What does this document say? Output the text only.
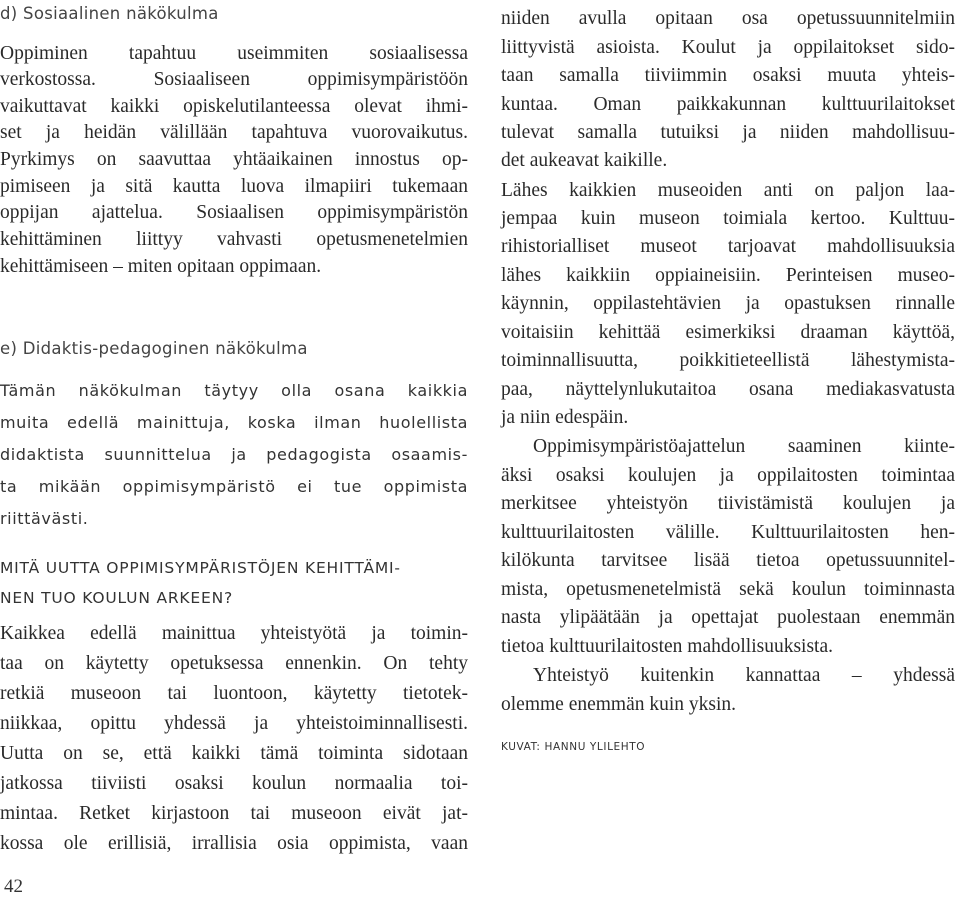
d) Sosiaalinen näkökulma
Oppiminen tapahtuu useimmiten sosiaalisessa
verkostossa. Sosiaaliseen oppimisympäristöön
vaikuttavat kaikki opiskelutilanteessa olevat ihmi-
set ja heidän välillään tapahtuva vuorovaikutus.
Pyrkimys on saavuttaa yhtäaikainen innostus op-
pimiseen ja sitä kautta luova ilmapiiri tukemaan
oppijan ajattelua. Sosiaalisen oppimisympäristön
kehittäminen liittyy vahvasti opetusmenetelmien
kehittämiseen – miten opitaan oppimaan.
e) Didaktis-pedagoginen näkökulma
Tämän näkökulman täytyy olla osana kaikkia
muita edellä mainittuja, koska ilman huolellista
didaktista suunnittelua ja pedagogista osaamis-
ta mikään oppimisympäristö ei tue oppimista
riittävästi.
MITÄ UUTTA OPPIMISYMPÄRISTÖJEN KEHITTÄMI-
NEN TUO KOULUN ARKEEN?
Kaikkea edellä mainittua yhteistyötä ja toimin-
taa on käytetty opetuksessa ennenkin. On tehty
retkiä museoon tai luontoon, käytetty tietotek-
niikkaa, opittu yhdessä ja yhteistoiminnallisesti.
Uutta on se, että kaikki tämä toiminta sidotaan
jatkossa tiiviisti osaksi koulun normaalia toi-
mintaa. Retket kirjastoon tai museoon eivät jat-
kossa ole erillisiä, irrallisia osia oppimista, vaan
niiden avulla opitaan osa opetussuunnitelmiin
liittyvistä asioista. Koulut ja oppilaitokset sido-
taan samalla tiiviimmin osaksi muuta yhteis-
kuntaa. Oman paikkakunnan kulttuurilaitokset
tulevat samalla tutuiksi ja niiden mahdollisuu-
det aukeavat kaikille.
Lähes kaikkien museoiden anti on paljon laa-
jempaa kuin museon toimiala kertoo. Kulttuu-
rihistorialliset museot tarjoavat mahdollisuuksia
lähes kaikkiin oppiaineisiin. Perinteisen museo-
käynnin, oppilastehtävien ja opastuksen rinnalle
voitaisiin kehittää esimerkiksi draaman käyttöä,
toiminnallisuutta, poikkitieteellistä lähestymista-
paa, näyttelynlukutaitoa osana mediakasvatusta
ja niin edespäin.
Oppimisympäristöajattelun saaminen kiinte-
äksi osaksi koulujen ja oppilaitosten toimintaa
merkitsee yhteistyön tiivistämistä koulujen ja
kulttuurilaitosten välille. Kulttuurilaitosten hen-
kilökunta tarvitsee lisää tietoa opetussuunnitel-
mista, opetusmenetelmistä sekä koulun toiminnasta
nasta ylipäätään ja opettajat puolestaan enemmän
tietoa kulttuurilaitosten mahdollisuuksista.
Yhteistyö kuitenkin kannattaa – yhdessä
olemme enemmän kuin yksin.
KUVAT: HANNU YLILEHTO
42
